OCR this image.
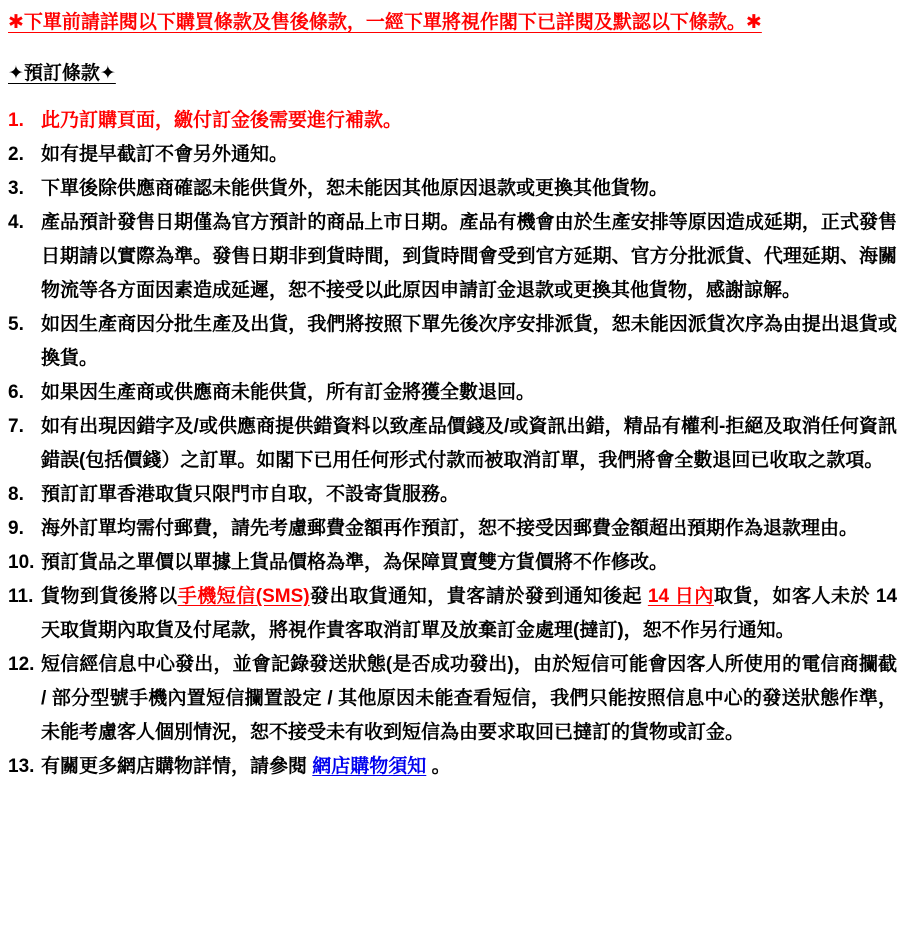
✱下單前請詳閱以下購買條款及售後條款，一經下單將視作閣下已詳閱及默認以下條款。✱
✦預訂條款✦
1. 此乃訂購頁面，繳付訂金後需要進行補款。
2. 如有提早截訂不會另外通知。
3. 下單後除供應商確認未能供貨外，恕未能因其他原因退款或更換其他貨物。
4. 產品預計發售日期僅為官方預計的商品上市日期。產品有機會由於生產安排等原因造成延期，正式發售日期請以實際為準。發售日期非到貨時間，到貨時間會受到官方延期、官方分批派貨、代理延期、海關物流等各方面因素造成延遲，恕不接受以此原因申請訂金退款或更換其他貨物，感謝諒解。
5. 如因生產商因分批生產及出貨，我們將按照下單先後次序安排派貨，恕未能因派貨次序為由提出退貨或換貨。
6. 如果因生產商或供應商未能供貨，所有訂金將獲全數退回。
7. 如有出現因錯字及/或供應商提供錯資料以致產品價錢及/或資訊出錯，精品有權利-拒絕及取消任何資訊錯誤(包括價錢）之訂單。如閣下已用任何形式付款而被取消訂單，我們將會全數退回已收取之款項。
8. 預訂訂單香港取貨只限門市自取，不設寄貨服務。
9. 海外訂單均需付郵費，請先考慮郵費金額再作預訂，恕不接受因郵費金額超出預期作為退款理由。
10. 預訂貨品之單價以單據上貨品價格為準，為保障買賣雙方貨價將不作修改。
11. 貨物到貨後將以手機短信(SMS)發出取貨通知，貴客請於發到通知後起 14 日內取貨，如客人未於 14 天取貨期內取貨及付尾款，將視作貴客取消訂單及放棄訂金處理(撻訂)，恕不作另行通知。
12. 短信經信息中心發出，並會記錄發送狀態(是否成功發出)，由於短信可能會因客人所使用的電信商攔截 / 部分型號手機內置短信攔置設定 / 其他原因未能查看短信，我們只能按照信息中心的發送狀態作準，未能考慮客人個別情況，恕不接受未有收到短信為由要求取回已撻訂的貨物或訂金。
13. 有關更多網店購物詳情，請參閱 網店購物須知 。
